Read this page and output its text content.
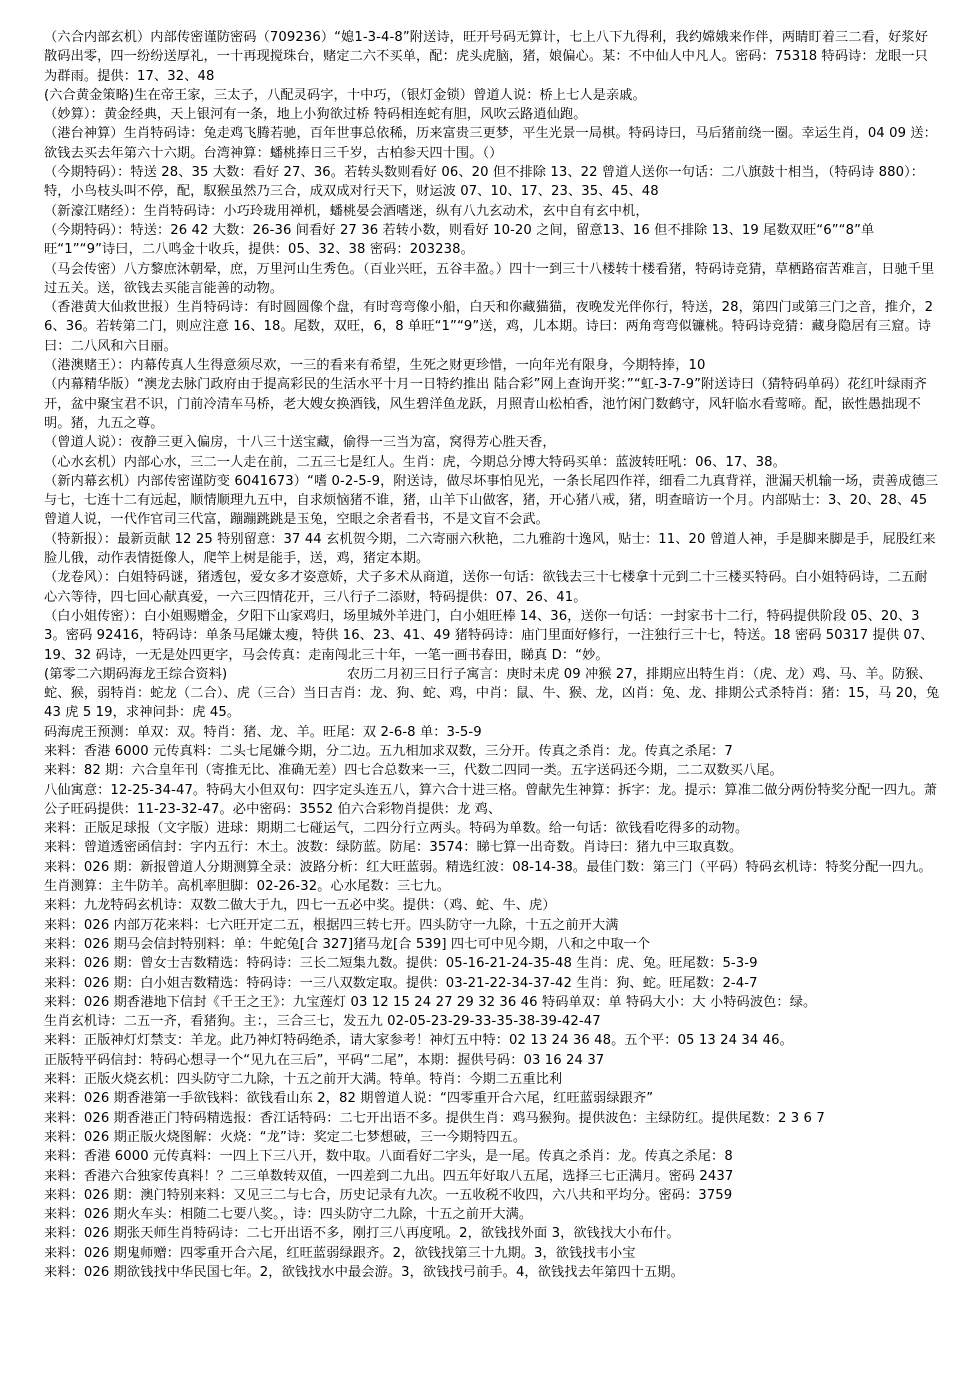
（六合内部玄机）内部传密谨防密码（709236）“媳1-3-4-8”附送诗，旺开号码无算计，七上八下九得利，我约嫦娥来作伴，两睛盯着三二看，好浆好散码出零，四一纷纷送厚礼，一十再现搅珠台，赌定二六不买单，配：虎头虎脑，猪，娘偏心。某：不中仙人中凡人。密码：75318 特码诗：龙眼一只为群雨。提供：17、32、48

(六合黄金策略)生在帝王家，三太子，八配灵码字，十中巧，（银灯金锁）曾道人说：桥上七人是亲戚。

（妙算）：黄金经典，天上银河有一条，地上小狗欲过桥 特码相连蛇有胆，风吹云路逍仙跑。

（港台神算）生肖特码诗：兔走鸡飞腾若驰，百年世事总依稀，历来富贵三更梦，平生光景一局棋。特码诗曰，马后猪前绕一圈。幸运生肖，04 09 送：欲钱去买去年第六十六期。台湾神算：蟠桃捧日三千岁，古柏参天四十围。（）

（今期特码）：特送 28、35 大数：看好 27、36。若转头数则看好 06、20 但不排除 13、22 曾道人送你一句话：二八旗鼓十相当，（特码诗 880）：特，小鸟枝头叫不停，配，馭猴虽然乃三合，成双成对行天下，财运波 07、10、17、23、35、45、48

（新濠江赌经）：生肖特码诗：小巧玲珑用禅机，蟠桃晏会酒嗜迷，纵有八九玄动术，玄中自有玄中机，

（今期特码）：特送：26 42 大数：26-36 间看好 27 36 若转小数，则看好 10-20 之间，留意13、16 但不排除 13、19 尾数双旺“6”“8”单旺“1”“9”诗曰，二八鸣金十收兵，提供：05、32、38 密码：203238。

（马会传密）八方黎庶沐朝晕，庶，万里河山生秀色。（百业兴旺，五谷丰盈。）四十一到三十八楼转十楼看猪，特码诗竞猜，草栖路宿苦难言，日驰千里过五关。送，欲钱去买能言能善的动物。

（香港黄大仙救世报）生肖特码诗：有时圆圆像个盘，有时弯弯像小船，白天和你藏猫猫，夜晚发光伴你行，特送，28，第四门或第三门之音，推介，26、36。若转第二门，则应注意 16、18。尾数，双旺，6，8 单旺“1”“9”送，鸡，儿本期。诗曰：两角弯弯似镰桃。特码诗竞猜：藏身隐居有三窟。诗曰：二八风和六日丽。

（港澳赌王）：内幕传真人生得意须尽欢，一三的看来有希望，生死之财更珍惜，一向年光有限身，今期特捧，10

（内幕精华版）“澳龙去脉门政府由于提高彩民的生活水平十月一日特约推出 陆合彩”网上查询开奖：”“虹-3-7-9”附送诗曰（猜特码单码）花红叶绿雨齐开，盆中聚宝君不识，门前冷清车马桥，老大嫂女换酒钱，风生碧洋鱼龙跃，月照青山松柏香，池竹闲门数鹤守，风轩临水看莺啼。配，嵌性愚拙现不明。猪，九五之尊。

（曾道人说）：夜静三更入偏房，十八三十送宝藏，偷得一三当为富，窝得芳心胜天香，

（心水玄机）内部心水，三二一人走在前，二五三七是红人。生肖：虎，今期总分博大特码买单：蓝波转旺吼：06、17、38。

（新内幕玄机）内部传密谨防变 6041673）“嗜 0-2-5-9，附送诗，做尽坏事怕见光，一条长尾四作祥，细看二九真背祥，泄漏天机输一场，责善成德三与七，七连十二有远起，顺情顺理九五中，自求烦恼猪不谁，猪，山羊下山做客，猪，开心猪八戒，猪，明查暗访一个月。内部贴士：3、20、28、45 曾道人说，一代作官司三代富，蹦蹦跳跳是玉兔，空眼之余者看书，不是文盲不会武。

（特新报）：最新贡献 12 25 特别留意：37 44 玄机贺今期，二六寄丽六秋艳，二九雅韵十逸风，贴士：11、20 曾道人神，手是脚来脚是手，屁股红来脸儿俄，动作表情挺像人，爬竿上树是能手，送，鸡，猪定本期。

（龙卷风）：白姐特码谜，猪透包，爱女多才姿意娇，犬子多术从商道，送你一句话：欲钱去三十七楼拿十元到二十三楼买特码。白小姐特码诗，二五耐心六等待，四七回心献真爱，一六三四情花开，三八行子二添财，特码提供：07、26、41。

（白小姐传密）：白小姐赐赠金，夕阳下山家鸡归，场里城外羊进门，白小姐旺棒 14、36，送你一句话：一封家书十二行，特码提供阶段 05、20、33。密码 92416，特码诗：单条马尾嫌太瘦，特供 16、23、41、49 猪特码诗：庙门里面好修行，一注独行三十七，特送。18 密码 50317 提供 07、19、32 码诗，一无是处四更字，马会传真：走南闯北三十年，一笔一画书春田，睇真 D：“妙。

(第零二六期码海龙王综合资料)　　　　　　　　　农历二月初三日行子寓言：庚时未虎 09 冲猴 27，排期应出特生肖：（虎、龙）鸡、马、羊。防猴、蛇、猴，弱特肖：蛇龙（二合）、虎（三合）当日吉肖：龙、狗、蛇、鸡，中肖：鼠、牛、猴、龙，凶肖：兔、龙、排期公式杀特肖：猪：15，马 20，兔 43 虎 5 19，求神问卦：虎 45。

码海虎王预测：单双：双。特肖：猪、龙、羊。旺尾：双 2-6-8 单：3-5-9

来料：香港 6000 元传真料：二头七尾嫌今期，分二边。五九相加求双数，三分开。传真之杀肖：龙。传真之杀尾：7

来料：82 期：六合皇年刊（寄推无比、准确无差）四七合总数来一三，代数二四同一类。五字送码还今期，二二双数买八尾。

八仙寓意：12-25-34-47。特码大小但双句：四字定头连五八，算六合十进三格。曾献先生神算：拆字：龙。提示：算准二做分两份特奖分配一四九。萧公子旺码提供：11-23-32-47。必中密码：3552 伯六合彩物肖提供：龙 鸡、

来料：正版足球报（文字版）进球：期期二七碰运气，二四分行立两头。特码为单数。给一句话：欲钱看吃得多的动物。

来料：曾道透密函信封：字内五行：木土。波数：绿防蓝。防尾：3574：睇七算一出奇数。肖诗曰：猪九中三取真数。

来料：026 期：新报曾道人分期测算全录：波路分析：红大旺蓝弱。精选红波：08-14-38。最佳门数：第三门（平码）特码玄机诗：特奖分配一四九。生肖测算：主牛防羊。高机率胆脚：02-26-32。心水尾数：三七九。

来料：九龙特码玄机诗：双数二做大于九，四七一五必中奖。提供：（鸡、蛇、牛、虎）

来料：026 内部万花来料：七六旺开定二五，根据四三转七开。四头防守一九除，十五之前开大满

来料：026 期马会信封特别料：单：牛蛇兔[合 327]猪马龙[合 539] 四七可中见今期，八和之中取一个

来料：026 期：曾女士吉数精选：特码诗：三长二短集九数。提供：05-16-21-24-35-48 生肖：虎、兔。旺尾数：5-3-9

来料：026 期：白小姐吉数精选：特码诗：一三八双数定取。提供：03-21-22-34-37-42 生肖：狗、蛇。旺尾数：2-4-7

来料：026 期香港地下信封《千王之王》：九宝莲灯 03 12 15 24 27 29 32 36 46 特码单双：单 特码大小：大 小特码波色：绿。

生肖玄机诗：二五一齐，看猪狗。主：，三合三七，发五九 02-05-23-29-33-35-38-39-42-47

来料：正版神灯灯禁支：羊龙。此乃神灯特码绝杀，请大家参考！神灯五中特：02 13 24 36 48。五个平：05 13 24 34 46。

正版特平码信封：特码心想寻一个“见九在三后”，平码“二尾”，本期：握供号码：03 16 24 37

来料：正版火烧玄机：四头防守二九除，十五之前开大满。特单。特肖：今期二五重比利

来料：026 期香港第一手欲钱料：欲钱看山东 2，82 期曾道人说：“四零重开合六尾，红旺蓝弱绿跟齐”

来料：026 期香港正门特码精选报：香江话特码：二七开出语不多。提供生肖：鸡马猴狗。提供波色：主绿防红。提供尾数：2 3 6 7

来料：026 期正版火烧图解：火烧：“龙”诗：奖定二七梦想破，三一今期特四五。

来料：香港 6000 元传真料：一四上下三八开，数中取。八面看好二字头，是一尾。传真之杀肖：龙。传真之杀尾：8

来料：香港六合独家传真料！？二三单数转双值，一四差到二九出。四五年好取八五尾，选择三七正满月。密码 2437

来料：026 期：澳门特别来料：又见三二与七合，历史记录有九次。一五收税不收四，六八共和平均分。密码：3759

来料：026 期火车头：相随二七要八奖。，诗：四头防守二九除，十五之前开大满。

来料：026 期张天师生肖特码诗：二七开出语不多，刚打三八再度吼。2，欲钱找外面 3，欲钱找大小布什。

来料：026 期鬼师赠：四零重开合六尾，红旺蓝弱绿跟齐。2，欲钱找第三十九期。3，欲钱找韦小宝

来料：026 期欲钱找中华民国七年。2，欲钱找水中最会游。3，欲钱找弓前手。4，欲钱找去年第四十五期。
